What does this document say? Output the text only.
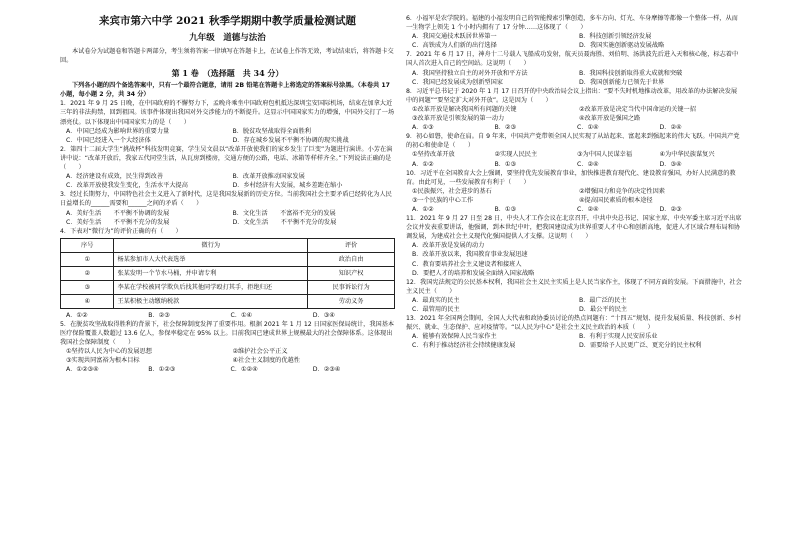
来宾市第六中学 2021 秋季学期期中教学质量检测试题
九年级　道德与法治

本试卷分为试题卷和答题卡两部分，考生须将答案一律填写在答题卡上，在试卷上作答无效，考试结束后，将答题卡交回。

第 1 卷　（选择题　共 34 分）

下列各小题的四个备选答案中，只有一个最符合题意，请用 2B 铅笔在答题卡上将选定的答案标号涂黑。（本卷共 17 小题，每小题 2 分，共 34 分）

1．2021 年 9 月 25 日晚，在中国政府的不懈努力下，孟晚舟乘坐中国政府包机抵达深圳宝安国际机场，结束在加拿大近三年的非法拘禁，回到祖国。该事件体现出我国对外交涉能力的不断提升。这显示中国国家实力的增强，中国外交打了一场漂亮仗。以下体现出中国国家实力的是（　　）

A．中国已经成为影响世界的重要力量	B．脱贫攻坚战取得全面胜利
C．中国已经进入一个大经济体	D．存在城乡发展不平衡不协调的现实挑战

2．第四十二届大学生“挑战杯”科技发明竞赛，学生吴文晨以“改革开放使我们的家乡发生了巨变”为题进行演讲。小芳在演讲中说：“改革开放后，我家五代同堂生活，从瓦房到楼房，交通方便的公路，电话、冰箱等样样齐全。”下列说法正确的是（　　）

A．经济建设有成效，民生得到改善	B．改革开放推动国家发展
C．改革开放使我发生变化，生活水平大提高	D．乡村经济有大发展，城乡差距在缩小

3．经过长期努力，中国特色社会主义进入了新时代，这是我国发展新的历史方位。当前我国社会主要矛盾已经转化为人民日益增长的______需要和______之间的矛盾（　　）

A．美好生活　　不平衡不协调的发展	B．文化生活　　不富裕不充分的发展
C．美好生活　　不平衡不充分的发展	D．文化生活　　不平衡不充分的发展

4．下表对“微行为”的评价正确的有（　　）

序号	微行为	评价
①	杨某参加市人大代表选举	政治自由
②	张某发明一个节水马桶，并申请专利	知识产权
③	李某在学校被同学欺负后找其他同学殴打其手，拒绝归还	民事诉讼行为
④	王某积极主动缴纳税款	劳动义务
A．①②	B．②③	C．①④	D．③④

5．在脱贫攻坚战取得胜利的背景下，社会保障制度发挥了重要作用。根据 2021 年 1 月 12 日国家医保局统计，我国基本医疗保险覆盖人数超过 13.6 亿人，参保率稳定在 95% 以上。目前我国已建成世界上规模最大的社会保障体系。这体现出我国社会保障制度（　　）

①坚持以人民为中心的发展思想	②维护社会公平正义
③实现共同富裕为根本目标	④社会主义制度的优越性
A．①②③④	B．①②③	C．①②④	D．②③④

6．小福军是农学院的。福建的小福发明自己的智能搜索引擎创造，多车方向、灯光、车身摩擦等都像一个整体一样，从而一生物学上领先 1 个小时内拥有了 17 分钟……这体现了（　　）

A．我国交通技术跃居世界第一	B．科技创新引领经济发展
C．高铁成为人们新的出行选择	D．我国实施创新驱动发展战略

7．2021 年 6 月 17 日，神舟十二号载人飞船成功发射，航天员聂海胜、刘伯明、汤洪波先后进入天和核心舱，标志着中国人首次进入自己的空间站。这说明（　　）

A．我国坚持独立自主的对外开放和平方法	B．我国科技创新取得重大成就和突破
C．我国已经发展成为创新型国家	D．我国创新能力已领先于世界

8．习近平总书记于 2020 年 1 月 17 日召开的中央政治局会议上指出：“要不失时机地推动改革，用改革的办法解决发展中的问题”“要坚定扩大对外开放”。这是因为（　　）

①改革开放是解决我国所有问题的关键	②改革开放是决定当代中国命运的关键一招
③改革开放是引领发展的第一动力	④改革开放是强国之路
A．①③	B．②③	C．①④	D．②④

9．初心如磐，使命在肩。自 9 年来，中国共产党带领全国人民实现了从站起来、富起来到强起来的伟大飞跃。中国共产党的初心和使命是（　　）

①坚持改革开放	②实现人民民主	③为中国人民谋幸福	④为中华民族谋复兴
A．①②	B．①③	C．②④	D．③④

10．习近平在全国教育大会上强调，要坚持优先发展教育事业，加快推进教育现代化、建设教育强国，办好人民满意的教育。由此可见，一些发展教育有利于（　　）

①民族振兴，社会进步的基石	②增强国力和竞争的决定性因素
③一个民族的中心工作	④提高国民素质的根本途径
A．①②	B．①③	C．②④	D．②③

11．2021 年 9 月 27 日至 28 日，中央人才工作会议在北京召开，中共中央总书记、国家主席、中央军委主席习近平出席会议并发表重要讲话，他强调，到本世纪中叶，把我国建设成为世界重要人才中心和创新高地，促进人才区域合理布局和协调发展，为建成社会主义现代化强国提供人才支撑。这说明（　　）

A．改革开放是发展的动力
B．改革开放以来，我国教育事业发展迅速
C．教育要培养社会主义建设者和接班人
D．要把人才的培养和发展全面纳入国家战略

12．我国宪法规定的公民基本权利，我国社会主义民主实质上是人民当家作主，体现了不同方面的发展。下面措施中，社会主义民主（　　）

A．最真实的民主	B．最广泛的民主
C．最管用的民主	D．最公平的民主

13．2021 年全国两会期间，全国人大代表和政协委员讨论的热点问题有：“十四五”规划、提升发展质量、科技创新、乡村振兴、就业、生态保护、应对疫情等。“以人民为中心”是社会主义民主政治的本质（　　）

A．能够有效保障人民当家作主	B．有利于实现人民安居乐业
C．有利于推动经济社会持续健康发展	D．需要给予人民更广泛、更充分的民主权利
